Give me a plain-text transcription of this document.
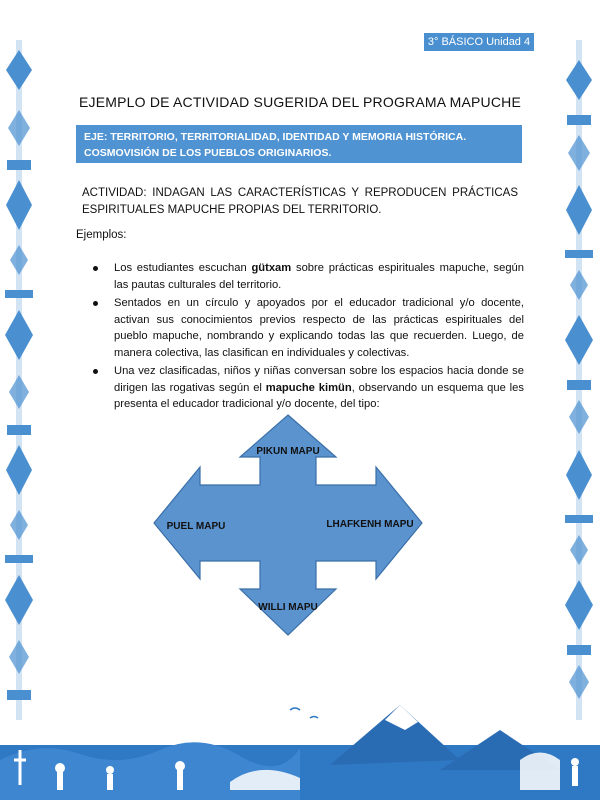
3° BÁSICO Unidad 4
EJEMPLO DE ACTIVIDAD SUGERIDA DEL PROGRAMA MAPUCHE
EJE: TERRITORIO, TERRITORIALIDAD, IDENTIDAD Y MEMORIA HISTÓRICA.
COSMOVISIÓN DE LOS PUEBLOS ORIGINARIOS.
ACTIVIDAD: INDAGAN LAS CARACTERÍSTICAS Y REPRODUCEN PRÁCTICAS ESPIRITUALES MAPUCHE PROPIAS DEL TERRITORIO.
Ejemplos:
Los estudiantes escuchan gütxam sobre prácticas espirituales mapuche, según las pautas culturales del territorio.
Sentados en un círculo y apoyados por el educador tradicional y/o docente, activan sus conocimientos previos respecto de las prácticas espirituales del pueblo mapuche, nombrando y explicando todas las que recuerden. Luego, de manera colectiva, las clasifican en individuales y colectivas.
Una vez clasificadas, niños y niñas conversan sobre los espacios hacia donde se dirigen las rogativas según el mapuche kimün, observando un esquema que les presenta el educador tradicional y/o docente, del tipo:
PIKUN MAPU
PUEL MAPU	LHAFKENH MAPU
WILLI MAPU
